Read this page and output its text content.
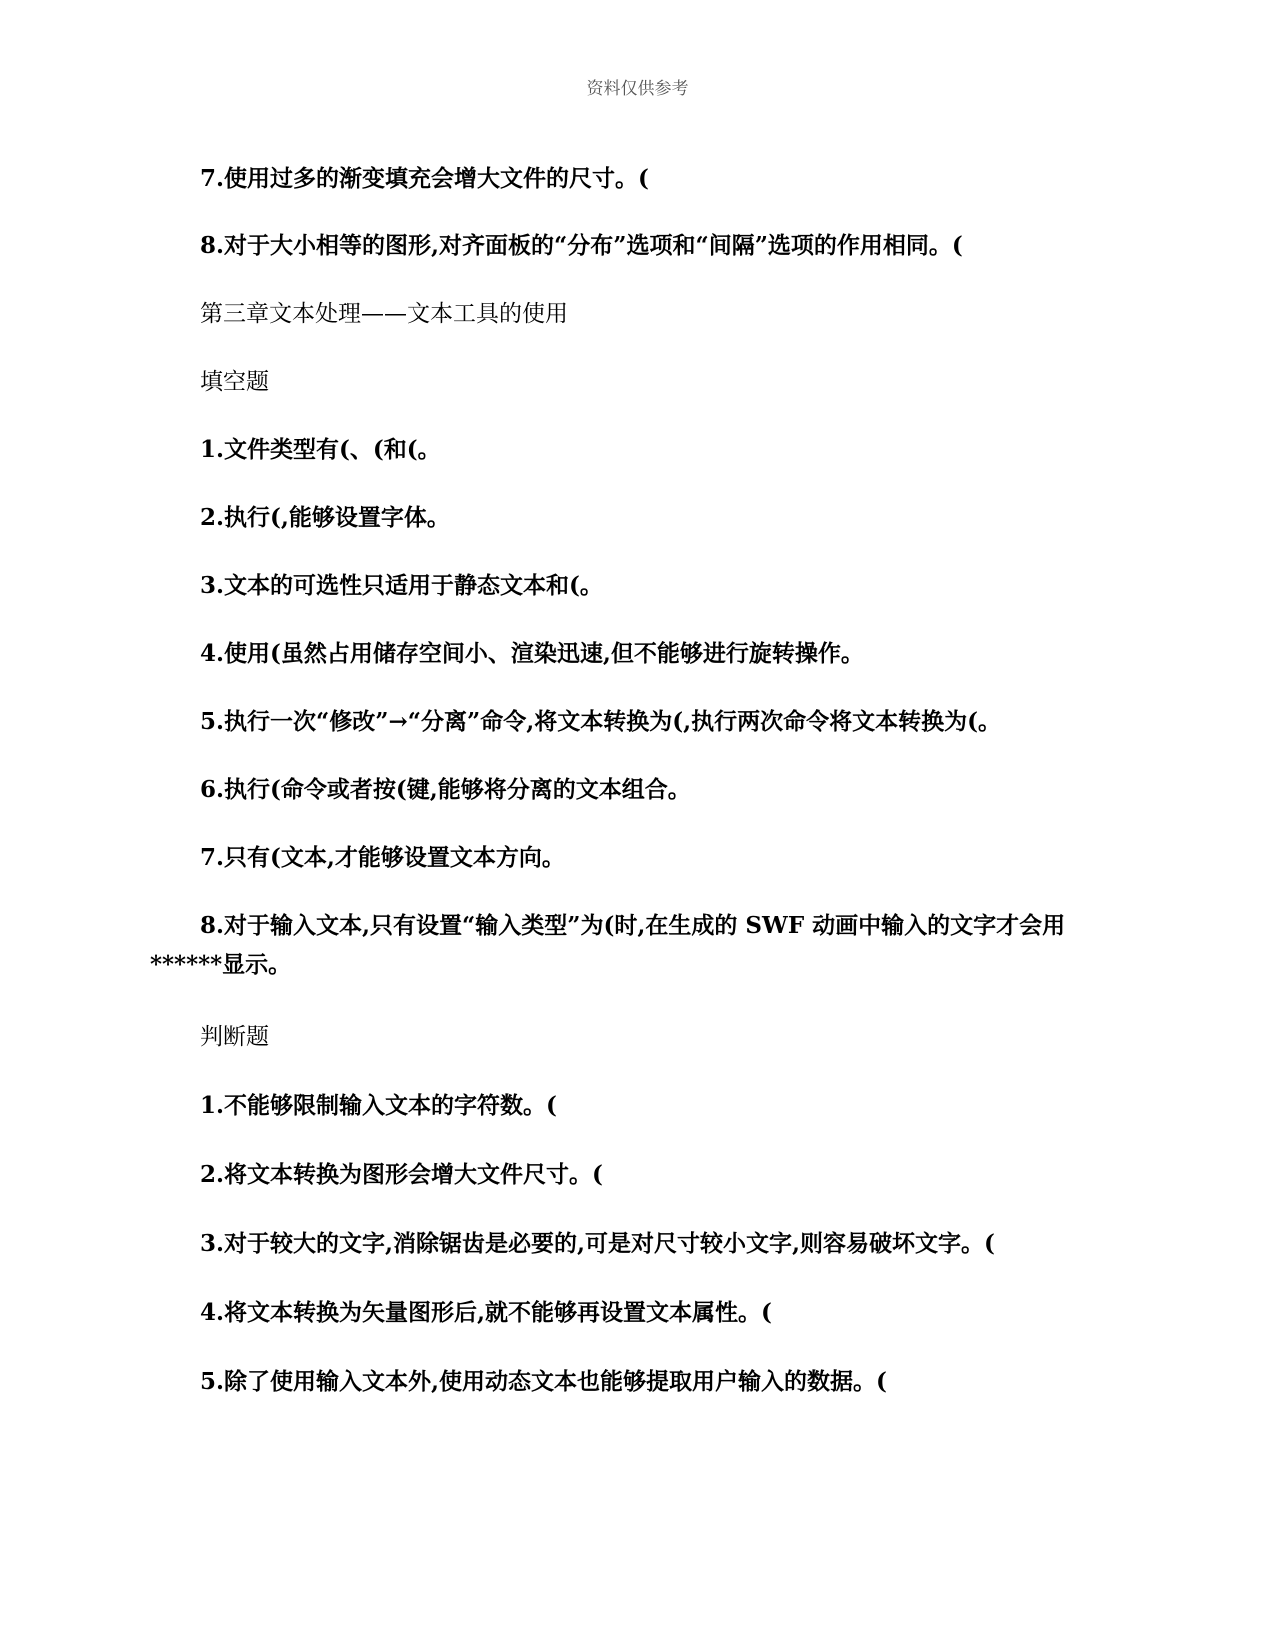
资料仅供参考
7.使用过多的渐变填充会增大文件的尺寸。(
8.对于大小相等的图形,对齐面板的“分布”选项和“间隔”选项的作用相同。(
第三章文本处理——文本工具的使用
填空题
1.文件类型有(、(和(。
2.执行(,能够设置字体。
3.文本的可选性只适用于静态文本和(。
4.使用(虽然占用储存空间小、渲染迅速,但不能够进行旋转操作。
5.执行一次“修改”→“分离”命令,将文本转换为(,执行两次命令将文本转换为(。
6.执行(命令或者按(键,能够将分离的文本组合。
7.只有(文本,才能够设置文本方向。
8.对于输入文本,只有设置“输入类型”为(时,在生成的 SWF 动画中输入的文字才会用
******显示。
判断题
1.不能够限制输入文本的字符数。(
2.将文本转换为图形会增大文件尺寸。(
3.对于较大的文字,消除锯齿是必要的,可是对尺寸较小文字,则容易破坏文字。(
4.将文本转换为矢量图形后,就不能够再设置文本属性。(
5.除了使用输入文本外,使用动态文本也能够提取用户输入的数据。(
